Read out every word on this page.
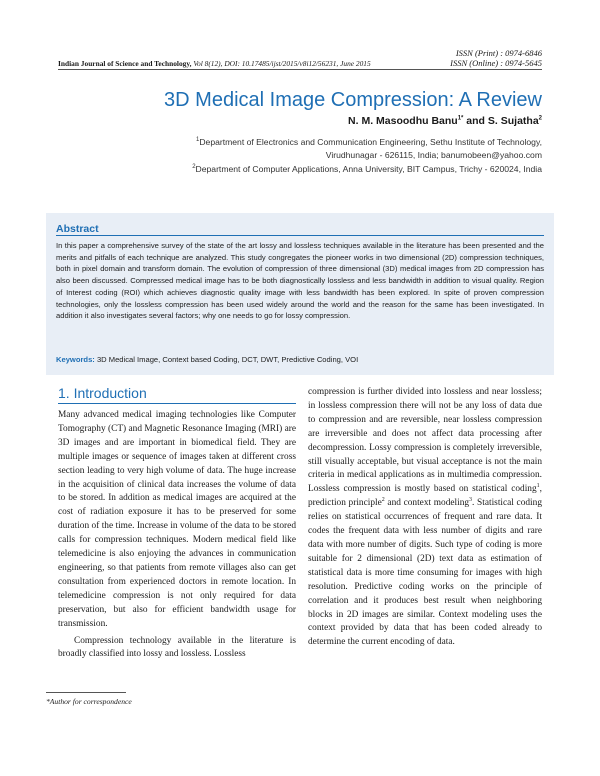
ISSN (Print) : 0974-6846
ISSN (Online) : 0974-5645
Indian Journal of Science and Technology, Vol 8(12), DOI: 10.17485/ijst/2015/v8i12/56231, June 2015
3D Medical Image Compression: A Review
N. M. Masoodhu Banu$^{1*}$ and S. Sujatha$^2$
$^1$Department of Electronics and Communication Engineering, Sethu Institute of Technology,
Virudhunagar - 626115, India; banumobeen@yahoo.com
$^2$Department of Computer Applications, Anna University, BIT Campus, Trichy - 620024, India
Abstract
In this paper a comprehensive survey of the state of the art lossy and lossless techniques available in the literature has been presented and the merits and pitfalls of each technique are analyzed. This study congregates the pioneer works in two dimensional (2D) compression techniques, both in pixel domain and transform domain. The evolution of compression of three dimensional (3D) medical images from 2D compression has also been discussed. Compressed medical image has to be both diagnostically lossless and less bandwidth in addition to visual quality. Region of Interest coding (ROI) which achieves diagnostic quality image with less bandwidth has been explored. In spite of proven compression technologies, only the lossless compression has been used widely around the world and the reason for the same has been investigated. In addition it also investigates several factors; why one needs to go for lossy compression.
Keywords: 3D Medical Image, Context based Coding, DCT, DWT, Predictive Coding, VOI
1. Introduction

Many advanced medical imaging technologies like Computer Tomography (CT) and Magnetic Resonance Imaging (MRI) are 3D images and are important in biomedical field. They are multiple images or sequence of images taken at different cross section leading to very high volume of data. The huge increase in the acquisition of clinical data increases the volume of data to be stored. In addition as medical images are acquired at the cost of radiation exposure it has to be preserved for some duration of the time. Increase in volume of the data to be stored calls for compression techniques. Modern medical field like telemedicine is also enjoying the advances in communication engineering, so that patients from remote villages also can get consultation from experienced doctors in remote location. In telemedicine compression is not only required for data preservation, but also for efficient bandwidth usage for transmission.

Compression technology available in the literature is broadly classified into lossy and lossless. Lossless

compression is further divided into lossless and near lossless; in lossless compression there will not be any loss of data due to compression and are reversible, near lossless compression are irreversible and does not affect data processing after decompression. Lossy compression is completely irreversible, still visually acceptable, but visual acceptance is not the main criteria in medical applications as in multimedia compression. Lossless compression is mostly based on statistical coding$^1$, prediction principle$^2$ and context modeling$^3$. Statistical coding relies on statistical occurrences of frequent and rare data. It codes the frequent data with less number of digits and rare data with more number of digits. Such type of coding is more suitable for 2 dimensional (2D) text data as estimation of statistical data is more time consuming for images with high resolution. Predictive coding works on the principle of correlation and it produces best result when neighboring blocks in 2D images are similar. Context modeling uses the context provided by data that has been coded already to determine the current encoding of data.

*Author for correspondence
